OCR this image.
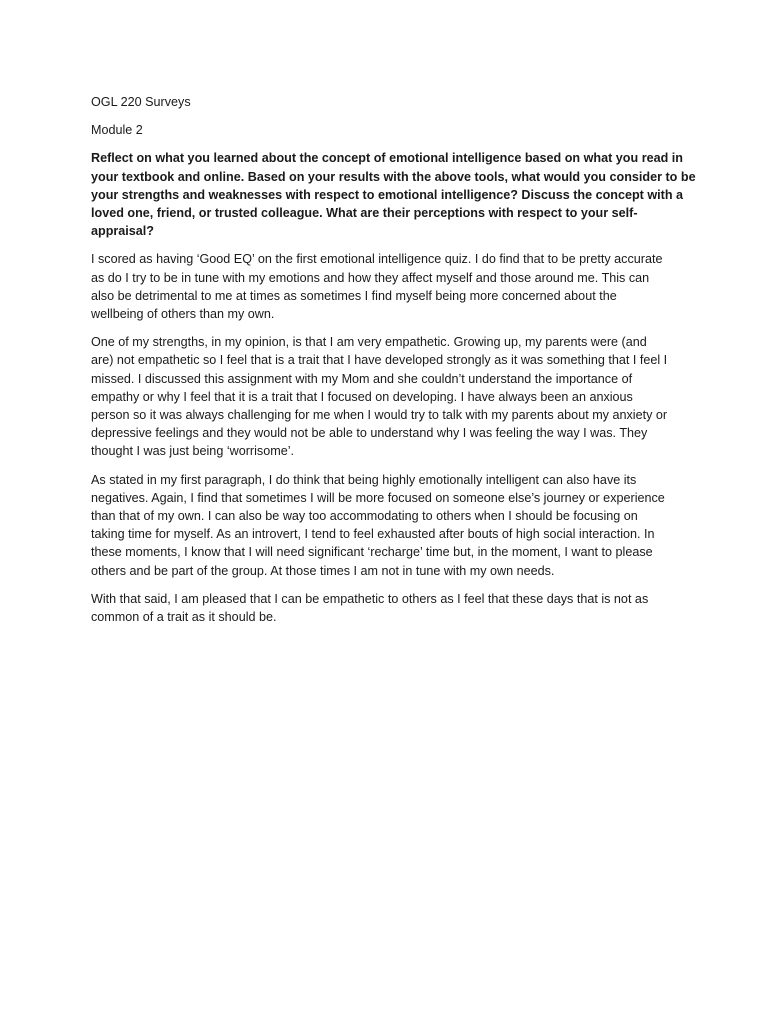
OGL 220 Surveys
Module 2
Reflect on what you learned about the concept of emotional intelligence based on what you read in
your textbook and online. Based on your results with the above tools, what would you consider to be
your strengths and weaknesses with respect to emotional intelligence? Discuss the concept with a
loved one, friend, or trusted colleague. What are their perceptions with respect to your self-
appraisal?
I scored as having ‘Good EQ’ on the first emotional intelligence quiz. I do find that to be pretty accurate
as do I try to be in tune with my emotions and how they affect myself and those around me. This can
also be detrimental to me at times as sometimes I find myself being more concerned about the
wellbeing of others than my own.
One of my strengths, in my opinion, is that I am very empathetic. Growing up, my parents were (and
are) not empathetic so I feel that is a trait that I have developed strongly as it was something that I feel I
missed. I discussed this assignment with my Mom and she couldn’t understand the importance of
empathy or why I feel that it is a trait that I focused on developing. I have always been an anxious
person so it was always challenging for me when I would try to talk with my parents about my anxiety or
depressive feelings and they would not be able to understand why I was feeling the way I was. They
thought I was just being ‘worrisome’.
As stated in my first paragraph, I do think that being highly emotionally intelligent can also have its
negatives. Again, I find that sometimes I will be more focused on someone else’s journey or experience
than that of my own. I can also be way too accommodating to others when I should be focusing on
taking time for myself. As an introvert, I tend to feel exhausted after bouts of high social interaction. In
these moments, I know that I will need significant ‘recharge’ time but, in the moment, I want to please
others and be part of the group. At those times I am not in tune with my own needs.
With that said, I am pleased that I can be empathetic to others as I feel that these days that is not as
common of a trait as it should be.
